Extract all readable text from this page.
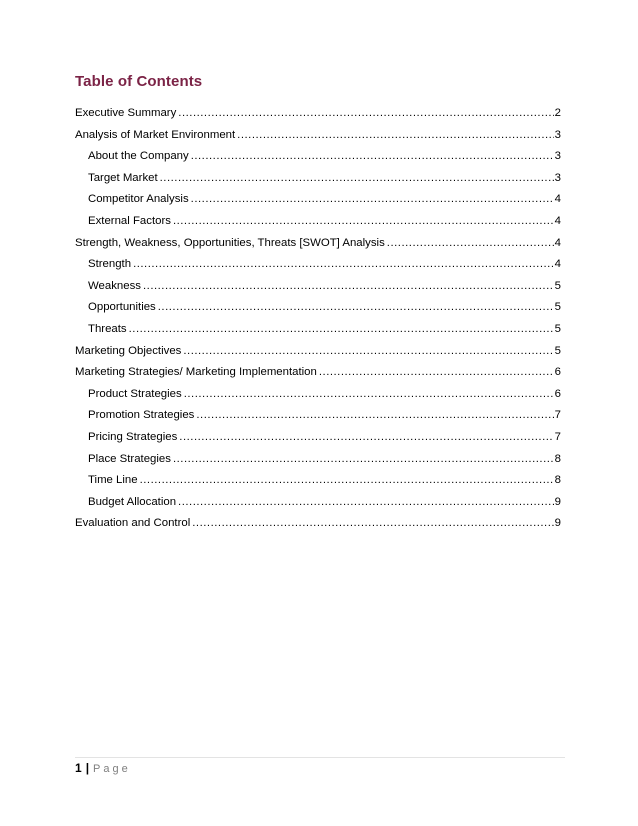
Table of Contents
Executive Summary .....	2
Analysis of Market Environment .....	3
About the Company .....	3
Target Market .....	3
Competitor Analysis .....	4
External Factors .....	4
Strength, Weakness, Opportunities, Threats [SWOT] Analysis .....	4
Strength .....	4
Weakness .....	5
Opportunities .....	5
Threats .....	5
Marketing Objectives .....	5
Marketing Strategies/ Marketing Implementation .....	6
Product Strategies .....	6
Promotion Strategies .....	7
Pricing Strategies .....	7
Place Strategies .....	8
Time Line .....	8
Budget Allocation .....	9
Evaluation and Control .....	9
1 | Page
